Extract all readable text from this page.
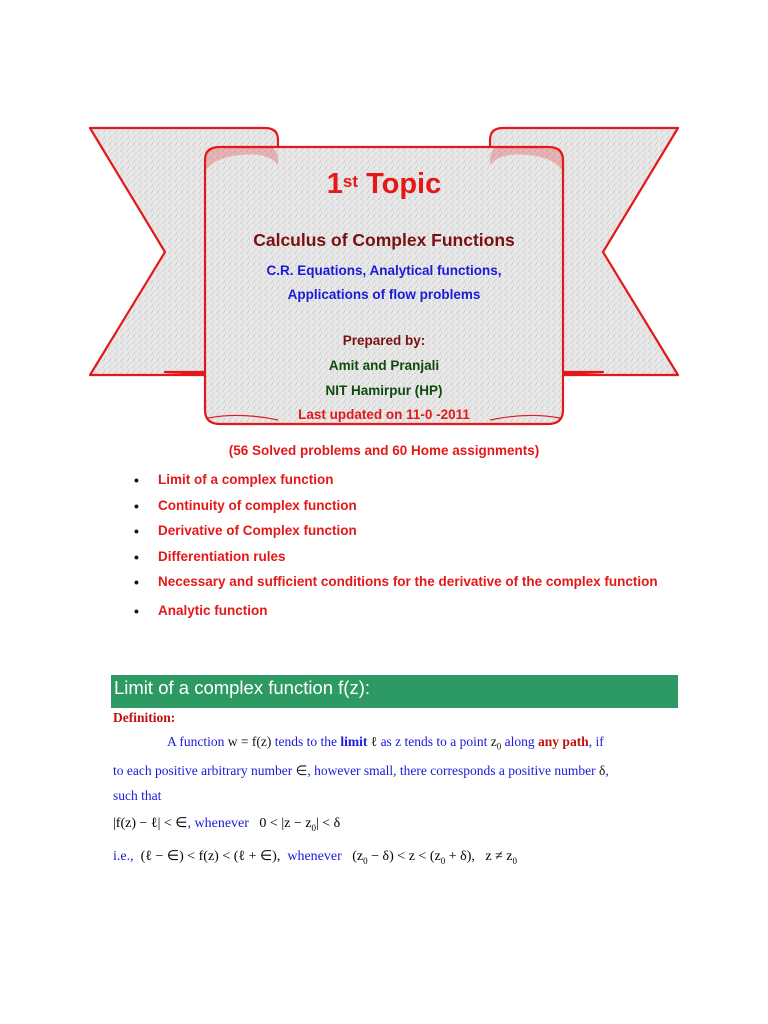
1st Topic
Calculus of Complex Functions
C.R. Equations, Analytical functions,
Applications of flow problems
Prepared by:
Amit and Pranjali
NIT Hamirpur (HP)
Last updated on 11-0 -2011
(56 Solved problems and 60 Home assignments)
• Limit of a complex function
• Continuity of complex function
• Derivative of Complex function
• Differentiation rules
• Necessary and sufficient conditions for the derivative of the complex function
• Analytic function
Limit of a complex function f(z):
Definition:
A function w = f(z) tends to the limit ℓ as z tends to a point $z_0$ along any path, if
to each positive arbitrary number ∈, however small, there corresponds a positive number δ,
such that
|f(z) − ℓ| < ∈, whenever $0 < |z - z_0| < \delta$
i.e., (ℓ − ∈) < f(z) < (ℓ + ∈), whenever $(z_0 - \delta) < z < (z_0 + \delta)$, $z \ne z_0$
